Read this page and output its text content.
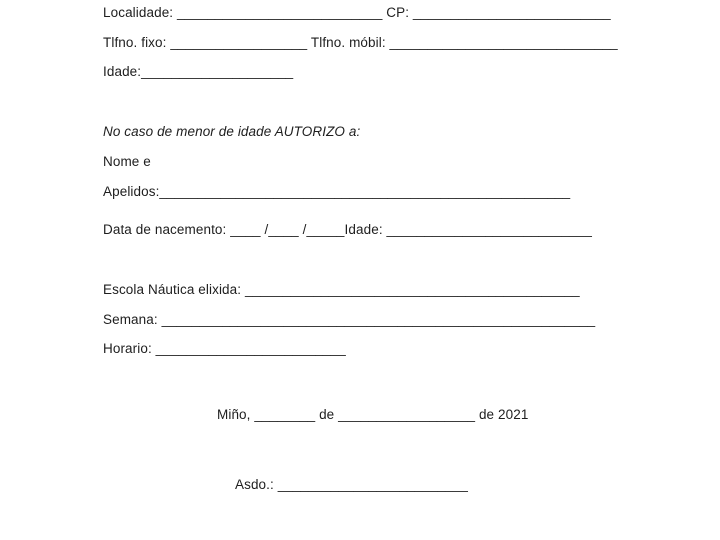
Localidade: ___________________________ CP: __________________________
Tlfno. fixo: __________________ Tlfno. móbil: ______________________________
Idade:____________________
No caso de menor de idade AUTORIZO a:
Nome e
Apelidos:______________________________________________________
Data de nacemento: ____ /____ /_____Idade: ___________________________
Escola Náutica elixida: ____________________________________________
Semana: _________________________________________________________
Horario: _________________________
Miño, ________ de __________________ de 2021
Asdo.: _________________________
